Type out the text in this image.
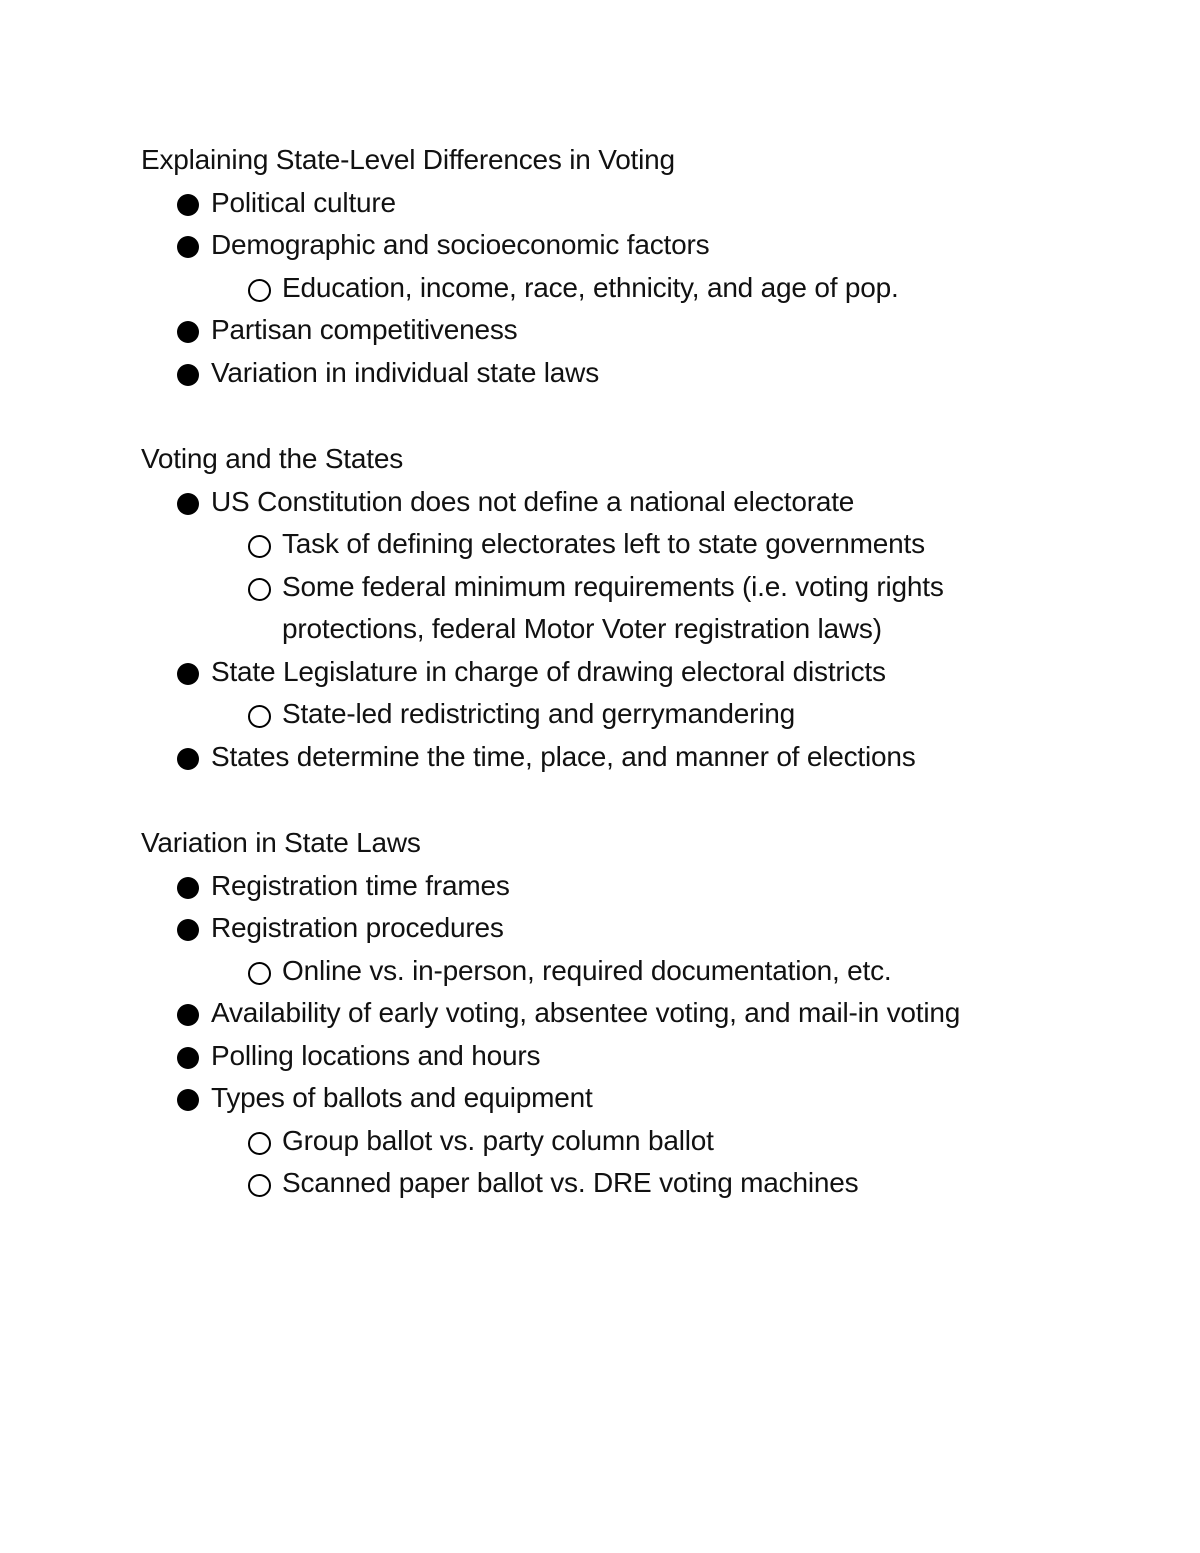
Explaining State-Level Differences in Voting
Political culture
Demographic and socioeconomic factors
Education, income, race, ethnicity, and age of pop.
Partisan competitiveness
Variation in individual state laws
Voting and the States
US Constitution does not define a national electorate
Task of defining electorates left to state governments
Some federal minimum requirements (i.e. voting rights protections, federal Motor Voter registration laws)
State Legislature in charge of drawing electoral districts
State-led redistricting and gerrymandering
States determine the time, place, and manner of elections
Variation in State Laws
Registration time frames
Registration procedures
Online vs. in-person, required documentation, etc.
Availability of early voting, absentee voting, and mail-in voting
Polling locations and hours
Types of ballots and equipment
Group ballot vs. party column ballot
Scanned paper ballot vs. DRE voting machines
